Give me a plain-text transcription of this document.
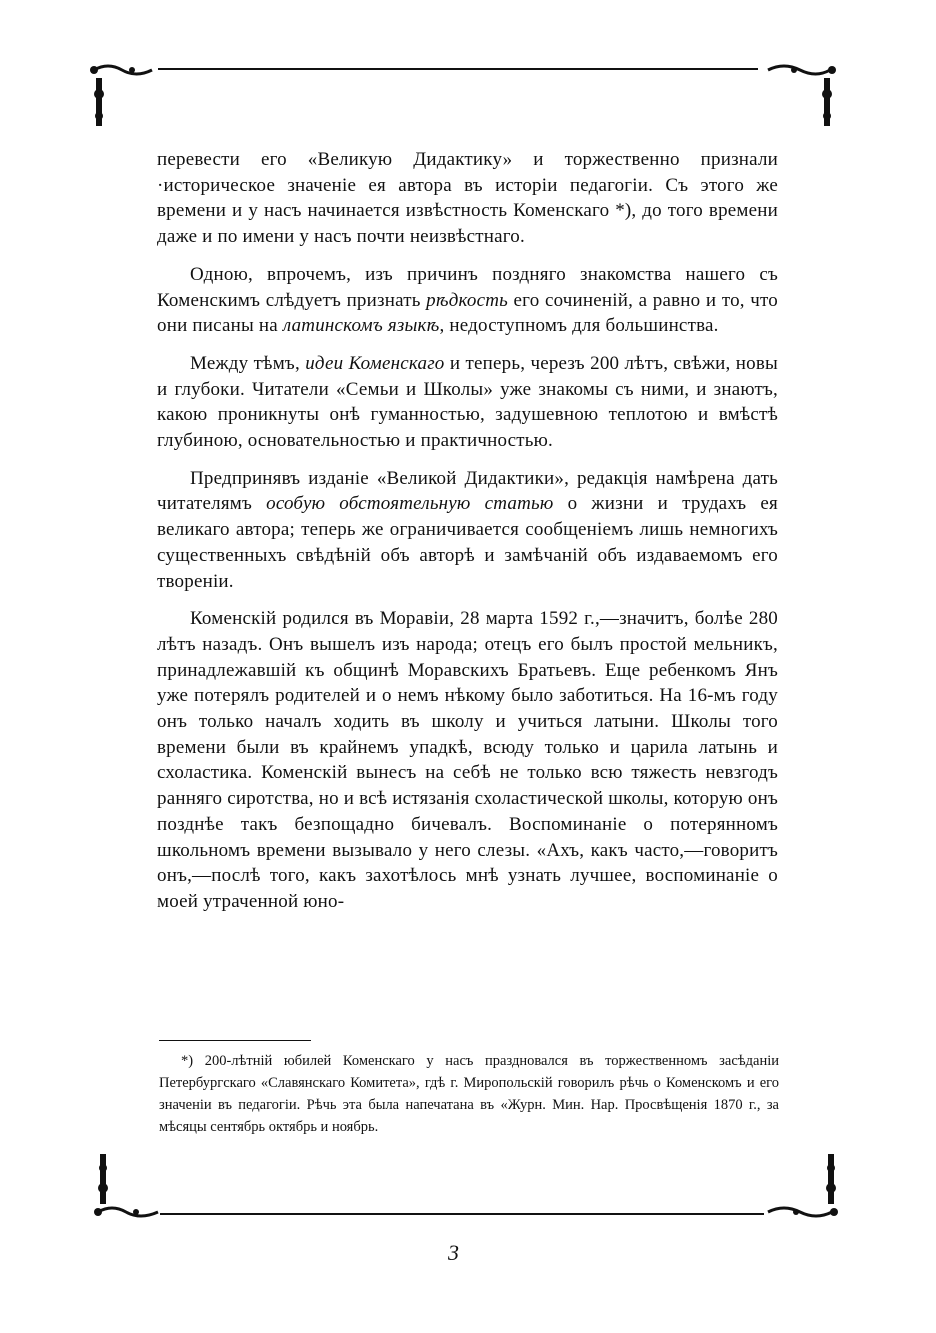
перевести его «Великую Дидактику» и торжественно признали ·историческое значенiе ея автора въ исторiи педагогiи. Съ этого же времени и у насъ начинается извѣстность Коменскаго *), до того времени даже и по имени у насъ почти неизвѣстнаго.

Одною, впрочемъ, изъ причинъ поздняго знакомства нашего съ Коменскимъ слѣдуетъ признать рѣдкость его сочиненiй, а равно и то, что они писаны на латинскомъ языкѣ, недоступномъ для большинства.

Между тѣмъ, идеи Коменскаго и теперь, черезъ 200 лѣтъ, свѣжи, новы и глубоки. Читатели «Семьи и Школы» уже знакомы съ ними, и знаютъ, какою проникнуты онѣ гуманностью, задушевною теплотою и вмѣстѣ глубиною, основательностью и практичностью.

Предпринявъ изданiе «Великой Дидактики», редакцiя намѣрена дать читателямъ особую обстоятельную статью о жизни и трудахъ ея великаго автора; теперь же ограничивается сообщенiемъ лишь немногихъ существенныхъ свѣдѣнiй объ авторѣ и замѣчанiй объ издаваемомъ его творенiи.

Коменскiй родился въ Моравiи, 28 марта 1592 г.,—значитъ, болѣе 280 лѣтъ назадъ. Онъ вышелъ изъ народа; отецъ его былъ простой мельникъ, принадлежавшiй къ общинѣ Моравскихъ Братьевъ. Еще ребенкомъ Янъ уже потерялъ родителей и о немъ нѣкому было заботиться. На 16-мъ году онъ только началъ ходить въ школу и учиться латыни. Школы того времени были въ крайнемъ упадкѣ, всюду только и царила латынь и схоластика. Коменскiй вынесъ на себѣ не только всю тяжесть невзгодъ ранняго сиротства, но и всѣ истязанiя схоластической школы, которую онъ позднѣе такъ безпощадно бичевалъ. Воспоминанiе о потерянномъ школьномъ времени вызывало у него слезы. «Ахъ, какъ часто,—говоритъ онъ,—послѣ того, какъ захотѣлось мнѣ узнать лучшее, воспоминанiе о моей утраченной юно-

*) 200-лѣтнiй юбилей Коменскаго у насъ праздновался въ торжественномъ засѣданiи Петербургскаго «Славянскаго Комитета», гдѣ г. Миропольскiй говорилъ рѣчь о Коменскомъ и его значенiи въ педагогiи. Рѣчь эта была напечатана въ «Журн. Мин. Нар. Просвѣщенiя 1870 г., за мѣсяцы сентябрь октябрь и ноябрь.

3
